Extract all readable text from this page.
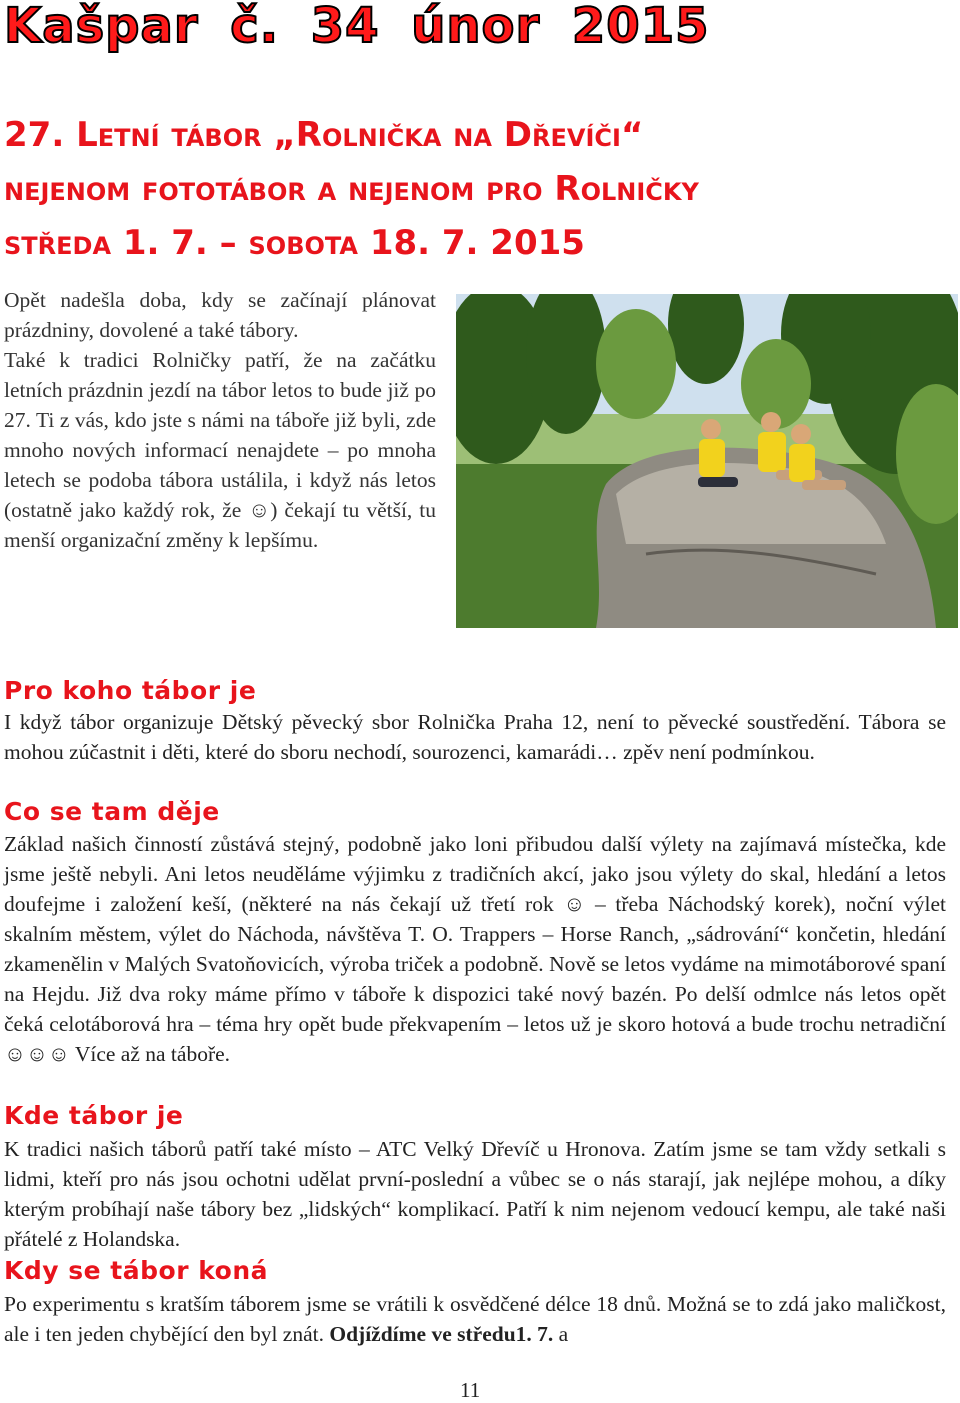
Kašpar č. 34 únor 2015
27. Letní tábor „Rolnička na Dřevíči“
nejenom fototábor a nejenom pro Rolničky
středa 1. 7. – sobota 18. 7. 2015

Opět nadešla doba, kdy se začínají plánovat prázdniny, dovolené a také tábory.

Také k tradici Rolničky patří, že na začátku letních prázdnin jezdí na tábor letos to bude již po 27. Ti z vás, kdo jste s námi na táboře již byli, zde mnoho nových informací nenajdete – po mnoha letech se podoba tábora ustálila, i když nás letos (ostatně jako každý rok, že ☺) čekají tu větší, tu menší organizační změny k lepšímu.

Pro koho tábor je

I když tábor organizuje Dětský pěvecký sbor Rolnička Praha 12, není to pěvecké soustředění. Tábora se mohou zúčastnit i děti, které do sboru nechodí, sourozenci, kamarádi… zpěv není podmínkou.

Co se tam děje

Základ našich činností zůstává stejný, podobně jako loni přibudou další výlety na zajímavá místečka, kde jsme ještě nebyli. Ani letos neuděláme výjimku z tradičních akcí, jako jsou výlety do skal, hledání a letos doufejme i založení keší, (některé na nás čekají už třetí rok ☺ – třeba Náchodský korek), noční výlet skalním městem, výlet do Náchoda, návštěva T. O. Trappers – Horse Ranch, „sádrování“ končetin, hledání zkamenělin v Malých Svatoňovicích, výroba triček a podobně. Nově se letos vydáme na mimotáborové spaní na Hejdu. Již dva roky máme přímo v táboře k dispozici také nový bazén. Po delší odmlce nás letos opět čeká celotáborová hra – téma hry opět bude překvapením – letos už je skoro hotová a bude trochu netradiční ☺☺☺ Více až na táboře.

Kde tábor je

K tradici našich táborů patří také místo – ATC Velký Dřevíč u Hronova. Zatím jsme se tam vždy setkali s lidmi, kteří pro nás jsou ochotni udělat první-poslední a vůbec se o nás starají, jak nejlépe mohou, a díky kterým probíhají naše tábory bez „lidských“ komplikací. Patří k nim nejenom vedoucí kempu, ale také naši přátelé z Holandska.

Kdy se tábor koná

Po experimentu s kratším táborem jsme se vrátili k osvědčené délce 18 dnů. Možná se to zdá jako maličkost, ale i ten jeden chybějící den byl znát. Odjíždíme ve středu1. 7. a

11
